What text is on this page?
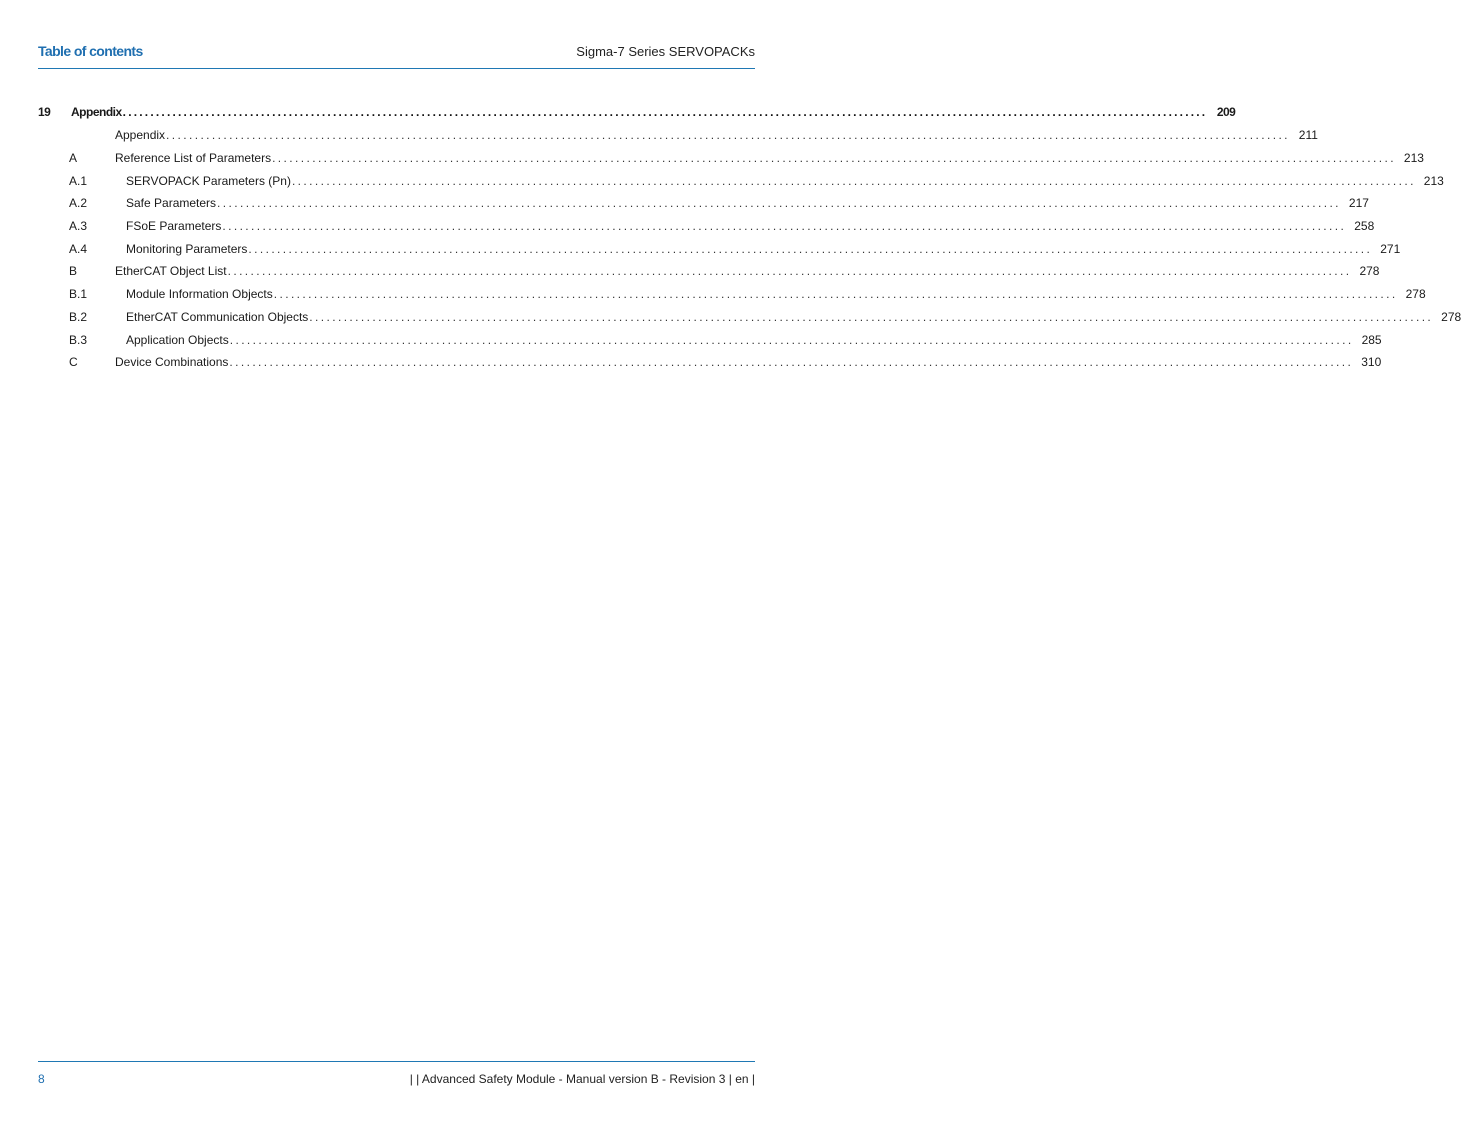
Table of contents	Sigma-7 Series SERVOPACKs
19	Appendix .................................................................................................................................................................................................... 209
Appendix .................................................................................................................................................................................................... 211
A	Reference List of Parameters .................................................................................................................................................................................................... 213
A.1	SERVOPACK Parameters (Pn) .................................................................................................................................................................................................... 213
A.2	Safe Parameters .................................................................................................................................................................................................... 217
A.3	FSoE Parameters .................................................................................................................................................................................................... 258
A.4	Monitoring Parameters .................................................................................................................................................................................................... 271
B	EtherCAT Object List .................................................................................................................................................................................................... 278
B.1	Module Information Objects .................................................................................................................................................................................................... 278
B.2	EtherCAT Communication Objects .................................................................................................................................................................................................... 278
B.3	Application Objects .................................................................................................................................................................................................... 285
C	Device Combinations .................................................................................................................................................................................................... 310
8	| | Advanced Safety Module - Manual version B - Revision 3 | en |
